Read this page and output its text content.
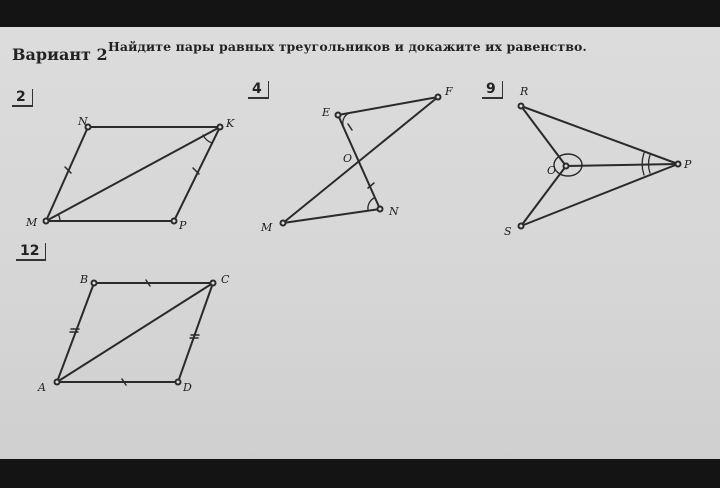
Вариант 2 Найдите пары равных треугольников и докажите их равенство.
2	4	9
12
N	K
M	P
E
F
O
N
M
R
O	P
S
B	C
A	D
